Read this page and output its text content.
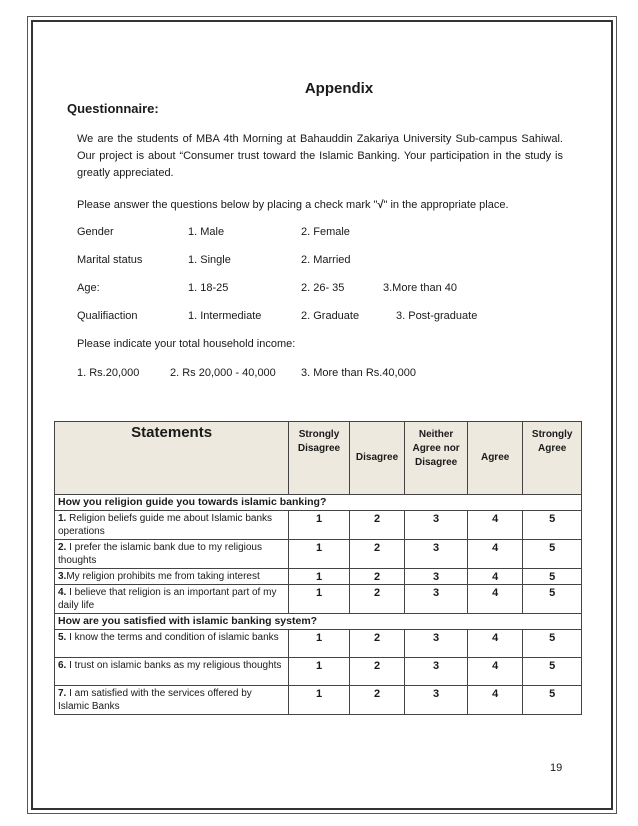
Appendix
Questionnaire:
We are the students of MBA 4th Morning at Bahauddin Zakariya University Sub-campus Sahiwal. Our project is about “Consumer trust toward the Islamic Banking. Your participation in the study is greatly appreciated.
Please answer the questions below by placing a check mark "√" in the appropriate place.
Gender	1. Male	2. Female
Marital status	1. Single	2. Married
Age:	1. 18-25	2. 26- 35	3.More than 40
Qualifiaction	1. Intermediate	2. Graduate	3. Post-graduate
Please indicate your total household income:
1. Rs.20,000	2. Rs 20,000 - 40,000 3. More than Rs.40,000
Statements	Strongly Disagree	Disagree	Neither Agree nor Disagree	Agree	Strongly Agree
How you religion guide you towards islamic banking?					
1. Religion beliefs guide me about Islamic banks operations	1	2	3	4	5
2. I prefer the islamic bank due to my religious thoughts	1	2	3	4	5
3.My religion prohibits me from taking interest	1	2	3	4	5
4. I believe that religion is an important part of my daily life	1	2	3	4	5
How are you satisfied with islamic banking system?					
5. I know the terms and condition of islamic banks	1	2	3	4	5
6. I trust on islamic banks as my religious thoughts	1	2	3	4	5
7. I am satisfied with the services offered by Islamic Banks	1	2	3	4	5
19
